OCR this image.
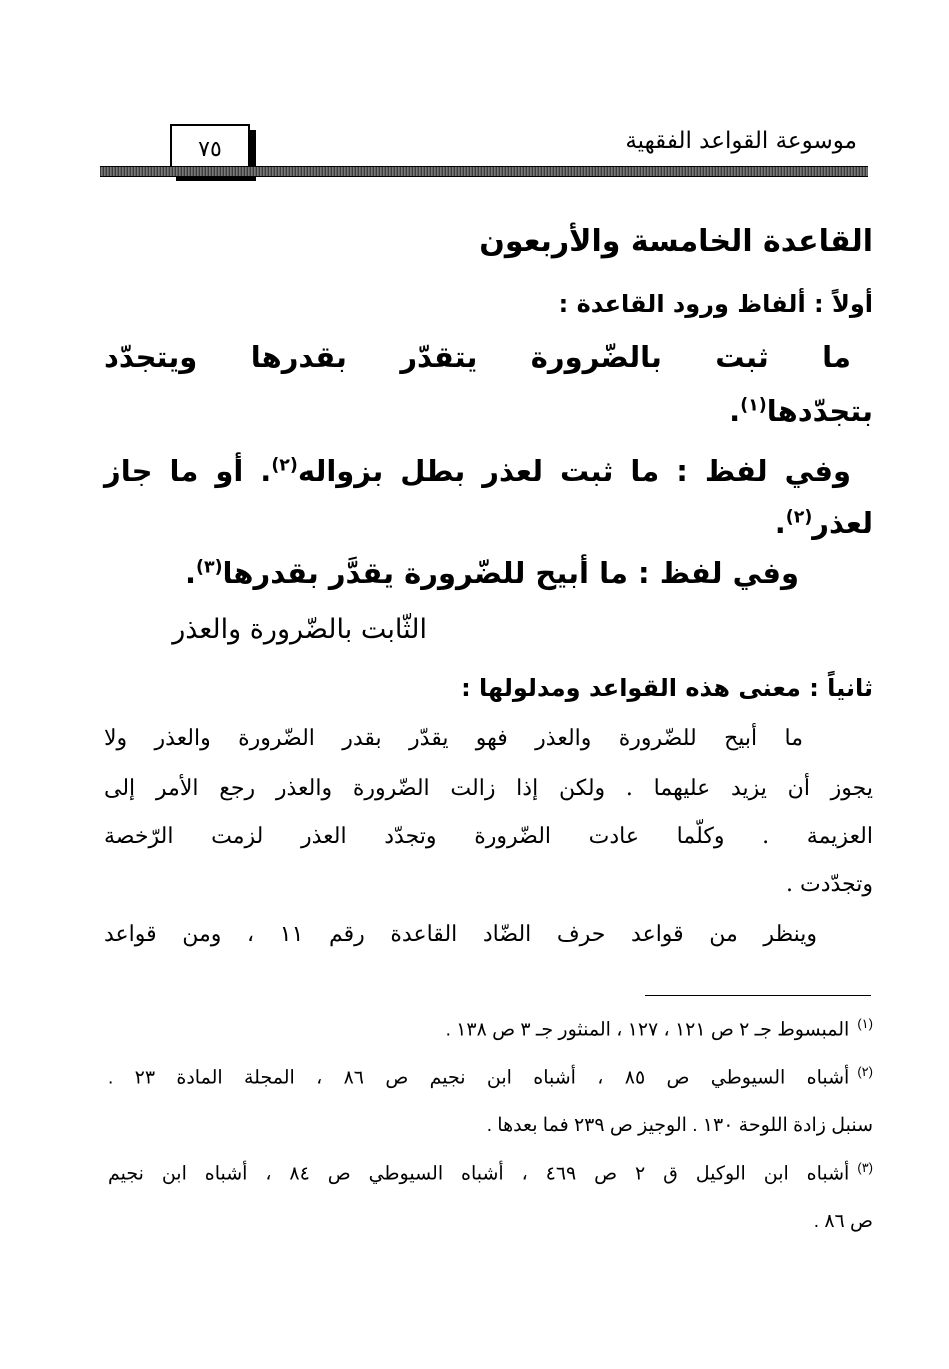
موسوعة القواعد الفقهية
٧٥
القاعدة الخامسة والأربعون
أولاً : ألفاظ ورود القاعدة :
ما ثبت بالضّرورة يتقدّر بقدرها ويتجدّد
بتجدّدها$^{(١)}$.
وفي لفظ : ما ثبت لعذر بطل بزواله$^{(٢)}$. أو ما جاز
لعذر$^{(٢)}$.
وفي لفظ : ما أبيح للضّرورة يقدَّر بقدرها$^{(٣)}$.
الثّابت بالضّرورة والعذر
ثانياً : معنى هذه القواعد ومدلولها :
ما أبيح للضّرورة والعذر فهو يقدّر بقدر الضّرورة والعذر ولا
يجوز أن يزيد عليهما . ولكن إذا زالت الضّرورة والعذر رجع الأمر إلى
العزيمة . وكلّما عادت الضّرورة وتجدّد العذر لزمت الرّخصة
وتجدّدت .
وينظر من قواعد حرف الضّاد القاعدة رقم ١١ ، ومن قواعد
$^{(١)}$المبسوط جـ ٢ ص ١٢١ ، ١٢٧ ، المنثور جـ ٣ ص ١٣٨ .
$^{(٢)}$أشباه السيوطي ص ٨٥ ، أشباه ابن نجيم ص ٨٦ ، المجلة المادة ٢٣ .
سنبل زادة اللوحة ١٣٠ . الوجيز ص ٢٣٩ فما بعدها .
$^{(٣)}$أشباه ابن الوكيل ق ٢ ص ٤٦٩ ، أشباه السيوطي ص ٨٤ ، أشباه ابن نجيم
ص ٨٦ .
